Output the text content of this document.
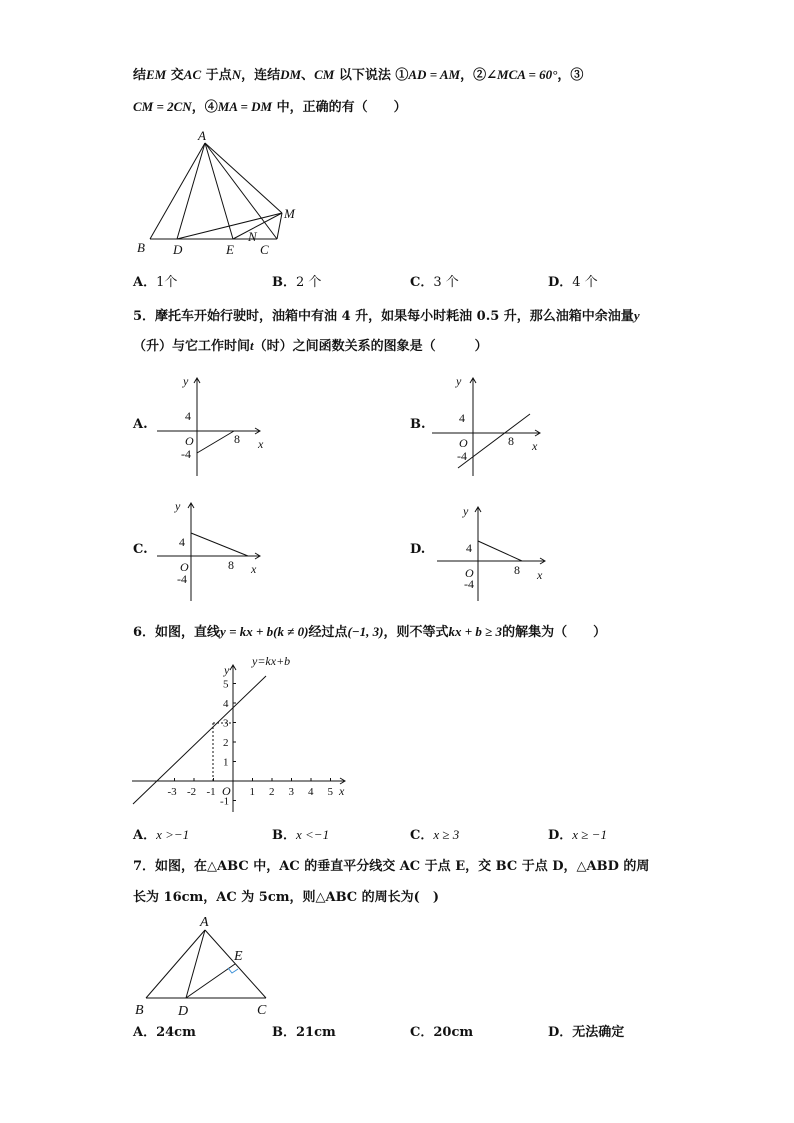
结EM 交AC 于点N，连结DM、CM 以下说法 ①AD = AM，②∠MCA = 60°，③
CM = 2CN，④MA = DM 中，正确的有（　　）
A
B D	E
N
C
M
A．1个	B．2 个	C．3 个	D．4 个
5．摩托车开始行驶时，油箱中有油 4 升，如果每小时耗油 0.5 升，那么油箱中余油量y
（升）与它工作时间t（时）之间函数关系的图象是（　　　）
A.
y
x
O
4
-4
8
B.
y
x
O
4
-4
8
C.
y
x
O
4
-4
8
D.
y
x
O
4
-4
8
6．如图，直线y = kx + b(k ≠ 0)经过点(−1, 3)，则不等式kx + b ≥ 3的解集为（　　）
-3 -2 -1	1 2 3 4 5
5
4
3
2
1
-1
y=kx+b
y
x
O
A．x >−1	B．x <−1	C．x ≥ 3	D．x ≥ −1
7．如图，在△ABC 中，AC 的垂直平分线交 AC 于点 E，交 BC 于点 D，△ABD 的周
长为 16cm，AC 为 5cm，则△ABC 的周长为(　)
A
B D
E
C
A．24cm	B．21cm	C．20cm	D．无法确定
